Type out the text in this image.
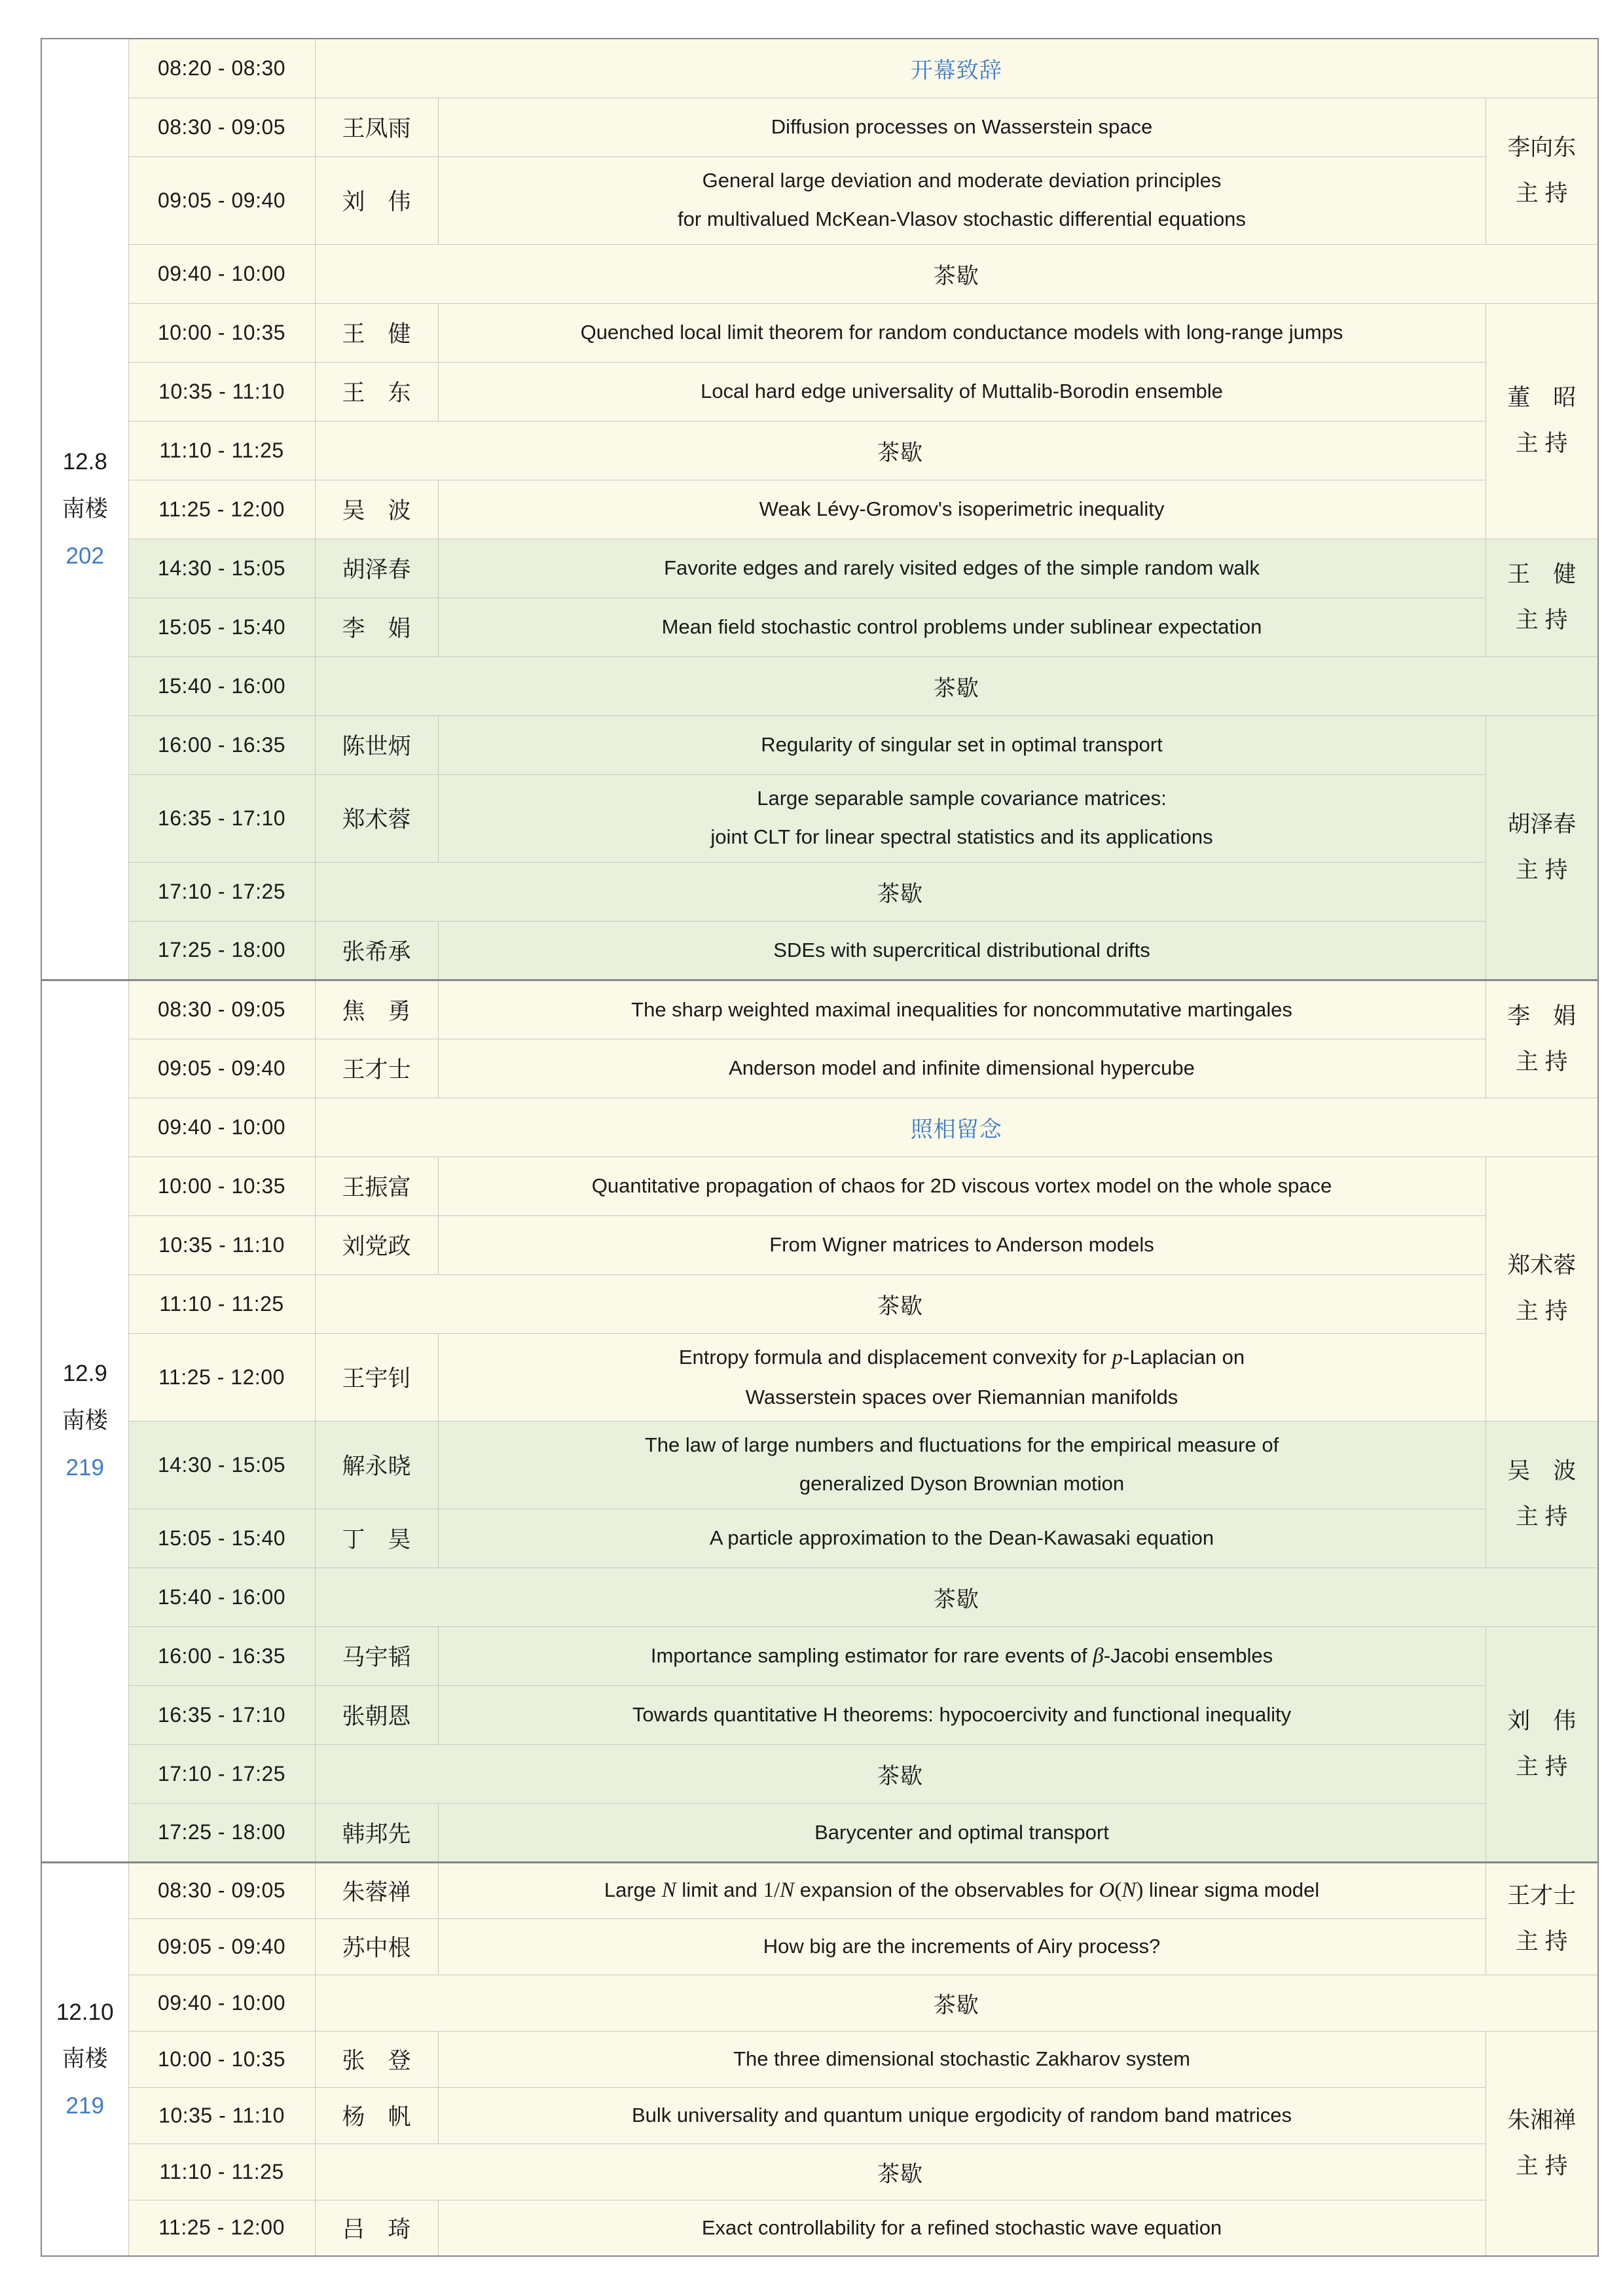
12.8
南楼
202	08:20 - 08:30	开幕致辞		
	08:30 - 09:05	王凤雨	Diffusion processes on Wasserstein space	李向东
主 持

	09:05 - 09:40	刘　伟	General large deviation and moderate deviation principles
for multivalued McKean-Vlasov stochastic differential equations	

	09:40 - 10:00	茶歇		
	10:00 - 10:35	王　健	Quenched local limit theorem for random conductance models with long-range jumps	董　昭
主 持

	10:35 - 11:10	王　东	Local hard edge universality of Muttalib-Borodin ensemble	
	11:10 - 11:25	茶歇		
	11:25 - 12:00	吴　波	Weak Lévy-Gromov's isoperimetric inequality	
	14:30 - 15:05	胡泽春	Favorite edges and rarely visited edges of the simple random walk	王　健
主 持

	15:05 - 15:40	李　娟	Mean field stochastic control problems under sublinear expectation	
	15:40 - 16:00	茶歇		
	16:00 - 16:35	陈世炳	Regularity of singular set in optimal transport	胡泽春
主 持

	16:35 - 17:10	郑术蓉	Large separable sample covariance matrices:
joint CLT for linear spectral statistics and its applications	

	17:10 - 17:25	茶歇		
	17:25 - 18:00	张希承	SDEs with supercritical distributional drifts	

12.9
南楼
219
	08:30 - 09:05	焦　勇	The sharp weighted maximal inequalities for noncommutative martingales	李　娟
主 持

	09:05 - 09:40	王才士	Anderson model and infinite dimensional hypercube	
	09:40 - 10:00	照相留念		
	10:00 - 10:35	王振富	Quantitative propagation of chaos for 2D viscous vortex model on the whole space	郑术蓉
主 持

	10:35 - 11:10	刘党政	From Wigner matrices to Anderson models	
	11:10 - 11:25	茶歇		
	11:25 - 12:00	王宇钊	Entropy formula and displacement convexity for p-Laplacian on
Wasserstein spaces over Riemannian manifolds	

14:30 - 15:05	解永晓	
The law of large numbers and fluctuations for the empirical measure of
generalized Dyson Brownian motion	吴　波
主 持

	15:05 - 15:40	丁　昊	A particle approximation to the Dean-Kawasaki equation	
	15:40 - 16:00	茶歇		
	16:00 - 16:35	马宇韬	Importance sampling estimator for rare events of β-Jacobi ensembles	刘　伟
主 持

	16:35 - 17:10	张朝恩	Towards quantitative H theorems: hypocoercivity and functional inequality	
	17:10 - 17:25	茶歇		
	17:25 - 18:00	韩邦先	Barycenter and optimal transport	

12.10
南楼
219
	08:30 - 09:05	朱蓉禅	Large N limit and 1/N expansion of the observables for O(N) linear sigma model	王才士
主 持

	09:05 - 09:40	苏中根	How big are the increments of Airy process?	
	09:40 - 10:00	茶歇		
	10:00 - 10:35	张　登	The three dimensional stochastic Zakharov system	朱湘禅
主 持

	10:35 - 11:10	杨　帆	Bulk universality and quantum unique ergodicity of random band matrices	
	11:10 - 11:25	茶歇		
	11:25 - 12:00	吕　琦	Exact controllability for a refined stochastic wave equation	
